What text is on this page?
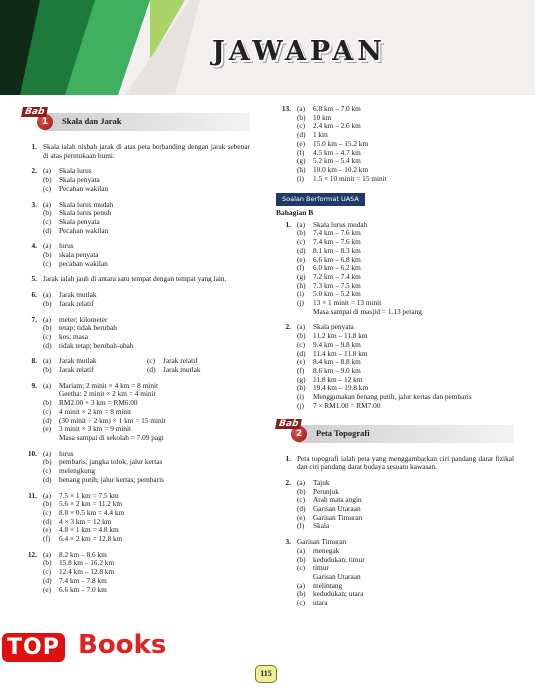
JAWAPAN
Skala dan Jarak
1
Bab
1. Skala ialah nisbah jarak di atas peta berbanding dengan jarak sebenar di atas permukaan bumi.
2. (a)	Skala lurus
(b)	Skala penyata
(c)	Pecahan wakilan
3. (a)	Skala lurus mudah
(b)	Skala lurus penuh
(c)	Skala penyata
(d)	Pecahan wakilan
4. (a)	lurus
(b)	skala penyata
(c)	pecahan wakilan
5. Jarak ialah jauh di antara satu tempat dengan tempat yang lain.
6. (a)	Jarak mutlak
(b)	Jarak relatif
7. (a)	meter; kilometer
(b)	tetap; tidak berubah
(c)	kos; masa
(d)	tidak tetap; berubah-ubah
8. (a)	Jarak mutlak	(c)	Jarak relatif
(b)	Jarak relatif	(d)	Jarak mutlak
9. (a)	Mariam: 2 minit × 4 km = 8 minit
Geetha: 2 minit × 2 km = 4 minit
(b)	RM2.00 × 3 km = RM6.00
(c)	4 minit × 2 km = 8 minit
(d)	(30 minit ÷ 2 km) × 1 km = 15 minit
(e)	3 minit × 3 km = 9 minit
Masa sampai di sekolah = 7.09 pagi
10. (a)	lurus
(b)	pembaris; jangka tolok; jalur kertas
(c)	melengkung
(d)	benang putih; jalur kertas; pembaris
11. (a)	7.5 × 1 km = 7.5 km
(b)	5.6 × 2 km = 11.2 km
(c)	8.8 × 0.5 km = 4.4 km
(d)	4 × 3 km = 12 km
(e)	4.8 × 1 km = 4.8 km
(f)	6.4 × 2 km = 12.8 km
12. (a)	8.2 km – 8.6 km
(b)	15.8 km – 16.2 km
(c)	12.4 km – 12.8 km
(d)	7.4 km – 7.8 km
(e)	6.6 km – 7.0 km
13. (a)	6.8 km – 7.0 km
(b)	10 km
(c)	2.4 km – 2.6 km
(d)	1 km
(e)	15.0 km – 15.2 km
(f)	4.5 km – 4.7 km
(g)	5.2 km – 5.4 km
(h)	10.0 km – 10.2 km
(i)	1.5 × 10 minit = 15 minit
Soalan Berformat UASA
Bahagian B
1. (a)	Skala lurus mudah
(b)	7.4 km – 7.6 km
(c)	7.4 km – 7.6 km
(d)	8.1 km – 8.3 km
(e)	6.6 km – 6.8 km
(f)	6.0 km – 6.2 km
(g)	7.2 km – 7.4 km
(h)	7.3 km – 7.5 km
(i)	5.0 km – 5.2 km
(j)	13 × 1 minit = 13 minit
Masa sampai di masjid = 1.13 petang
2. (a)	Skala penyata
(b)	11.2 km – 11.8 km
(c)	9.4 km – 9.8 km
(d)	11.4 km – 11.8 km
(e)	8.4 km – 8.8 km
(f)	8.6 km – 9.0 km
(g)	11.8 km – 12 km
(h)	19.4 km – 19.8 km
(i)	Menggunakan benang putih, jalur kertas dan pembaris
(j)	7 × RM1.00 = RM7.00
Peta Topografi
2
Bab
1. Peta topografi ialah peta yang menggambarkan ciri pandang darat fizikal dan ciri pandang darat budaya sesuatu kawasan.
2. (a)	Tajuk
(b)	Petunjuk
(c)	Arah mata angin
(d)	Garisan Utaraan
(e)	Garisan Timuran
(f)	Skala
3. Garisan Timuran
(a)	menegak
(b)	kedudukan; timur
(c)	timur
Garisan Utaraan
(a)	melintang
(b)	kedudukan; utara
(c)	utara
TOP Books
115
